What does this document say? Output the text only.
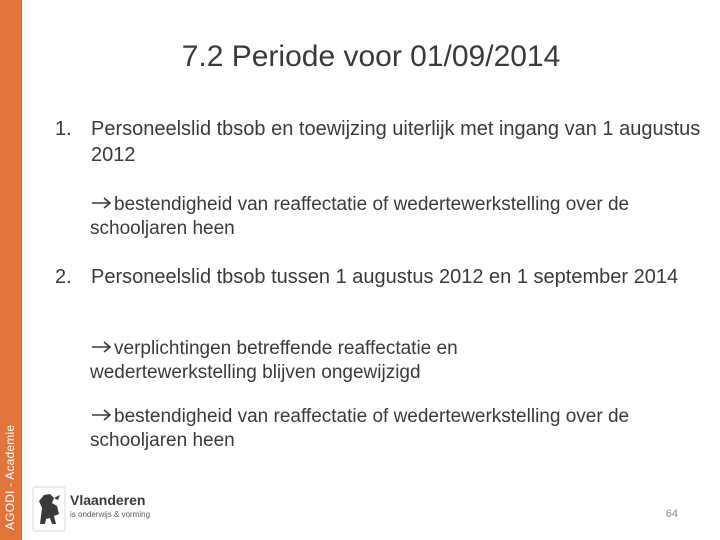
AGODI - Academie
7.2 Periode voor 01/09/2014
1. Personeelslid tbsob en toewijzing uiterlijk met ingang van 1 augustus 2012
bestendigheid van reaffectatie of wedertewerkstelling over de schooljaren heen
2. Personeelslid tbsob tussen 1 augustus 2012 en 1 september 2014
verplichtingen betreffende reaffectatie en wedertewerkstelling blijven ongewijzigd
bestendigheid van reaffectatie of wedertewerkstelling over de schooljaren heen
Vlaanderen
is onderwijs & vorming	64
